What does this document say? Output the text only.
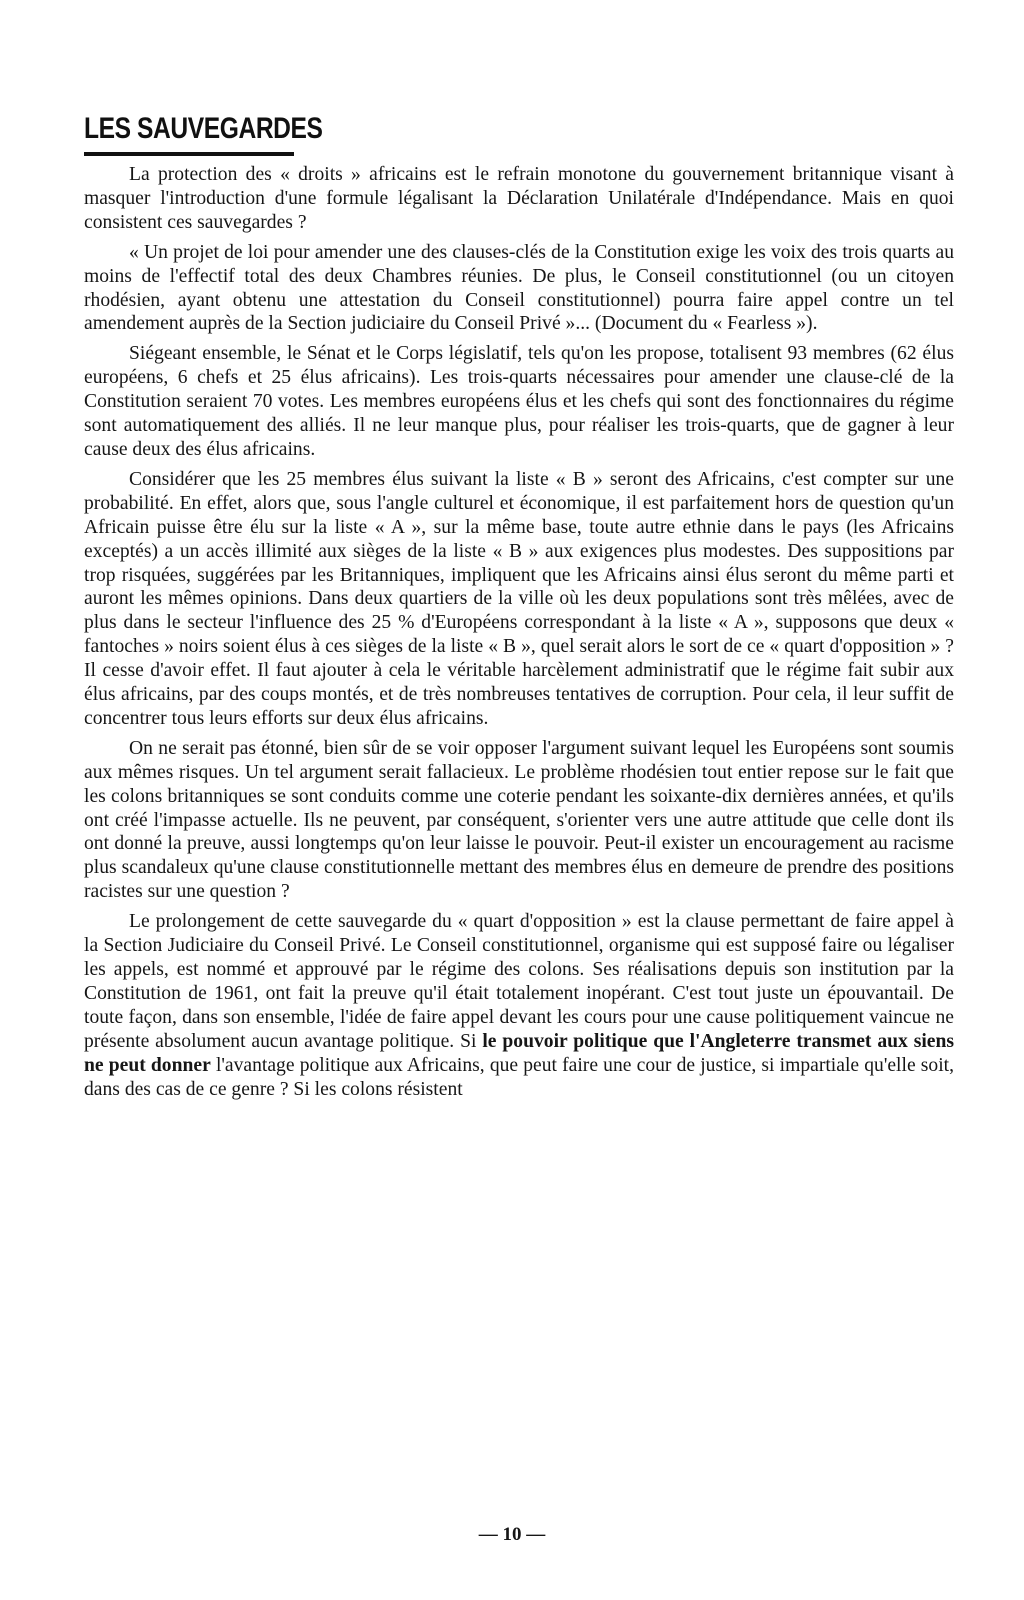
LES SAUVEGARDES

La protection des « droits » africains est le refrain monotone du gouvernement britannique visant à masquer l'introduction d'une formule légalisant la Déclaration Unilatérale d'Indépendance. Mais en quoi consistent ces sauvegardes ?

« Un projet de loi pour amender une des clauses-clés de la Constitution exige les voix des trois quarts au moins de l'effectif total des deux Chambres réunies. De plus, le Conseil constitutionnel (ou un citoyen rhodésien, ayant obtenu une attestation du Conseil constitutionnel) pourra faire appel contre un tel amendement auprès de la Section judiciaire du Conseil Privé »... (Document du « Fearless »).

Siégeant ensemble, le Sénat et le Corps législatif, tels qu'on les propose, totalisent 93 membres (62 élus européens, 6 chefs et 25 élus africains). Les trois-quarts nécessaires pour amender une clause-clé de la Constitution seraient 70 votes. Les membres européens élus et les chefs qui sont des fonctionnaires du régime sont automatiquement des alliés. Il ne leur manque plus, pour réaliser les trois-quarts, que de gagner à leur cause deux des élus africains.

Considérer que les 25 membres élus suivant la liste « B » seront des Africains, c'est compter sur une probabilité. En effet, alors que, sous l'angle culturel et économique, il est parfaitement hors de question qu'un Africain puisse être élu sur la liste « A », sur la même base, toute autre ethnie dans le pays (les Africains exceptés) a un accès illimité aux sièges de la liste « B » aux exigences plus modestes. Des suppositions par trop risquées, suggérées par les Britanniques, impliquent que les Africains ainsi élus seront du même parti et auront les mêmes opinions. Dans deux quartiers de la ville où les deux populations sont très mêlées, avec de plus dans le secteur l'influence des 25 % d'Européens correspondant à la liste « A », supposons que deux « fantoches » noirs soient élus à ces sièges de la liste « B », quel serait alors le sort de ce « quart d'opposition » ? Il cesse d'avoir effet. Il faut ajouter à cela le véritable harcèlement administratif que le régime fait subir aux élus africains, par des coups montés, et de très nombreuses tentatives de corruption. Pour cela, il leur suffit de concentrer tous leurs efforts sur deux élus africains.

On ne serait pas étonné, bien sûr de se voir opposer l'argument suivant lequel les Européens sont soumis aux mêmes risques. Un tel argument serait fallacieux. Le problème rhodésien tout entier repose sur le fait que les colons britanniques se sont conduits comme une coterie pendant les soixante-dix dernières années, et qu'ils ont créé l'impasse actuelle. Ils ne peuvent, par conséquent, s'orienter vers une autre attitude que celle dont ils ont donné la preuve, aussi longtemps qu'on leur laisse le pouvoir. Peut-il exister un encouragement au racisme plus scandaleux qu'une clause constitutionnelle mettant des membres élus en demeure de prendre des positions racistes sur une question ?

Le prolongement de cette sauvegarde du « quart d'opposition » est la clause permettant de faire appel à la Section Judiciaire du Conseil Privé. Le Conseil constitutionnel, organisme qui est supposé faire ou légaliser les appels, est nommé et approuvé par le régime des colons. Ses réalisations depuis son institution par la Constitution de 1961, ont fait la preuve qu'il était totalement inopérant. C'est tout juste un épouvantail. De toute façon, dans son ensemble, l'idée de faire appel devant les cours pour une cause politiquement vaincue ne présente absolument aucun avantage politique. Si le pouvoir politique que l'Angleterre transmet aux siens ne peut donner l'avantage politique aux Africains, que peut faire une cour de justice, si impartiale qu'elle soit, dans des cas de ce genre ? Si les colons résistent

— 10 —
